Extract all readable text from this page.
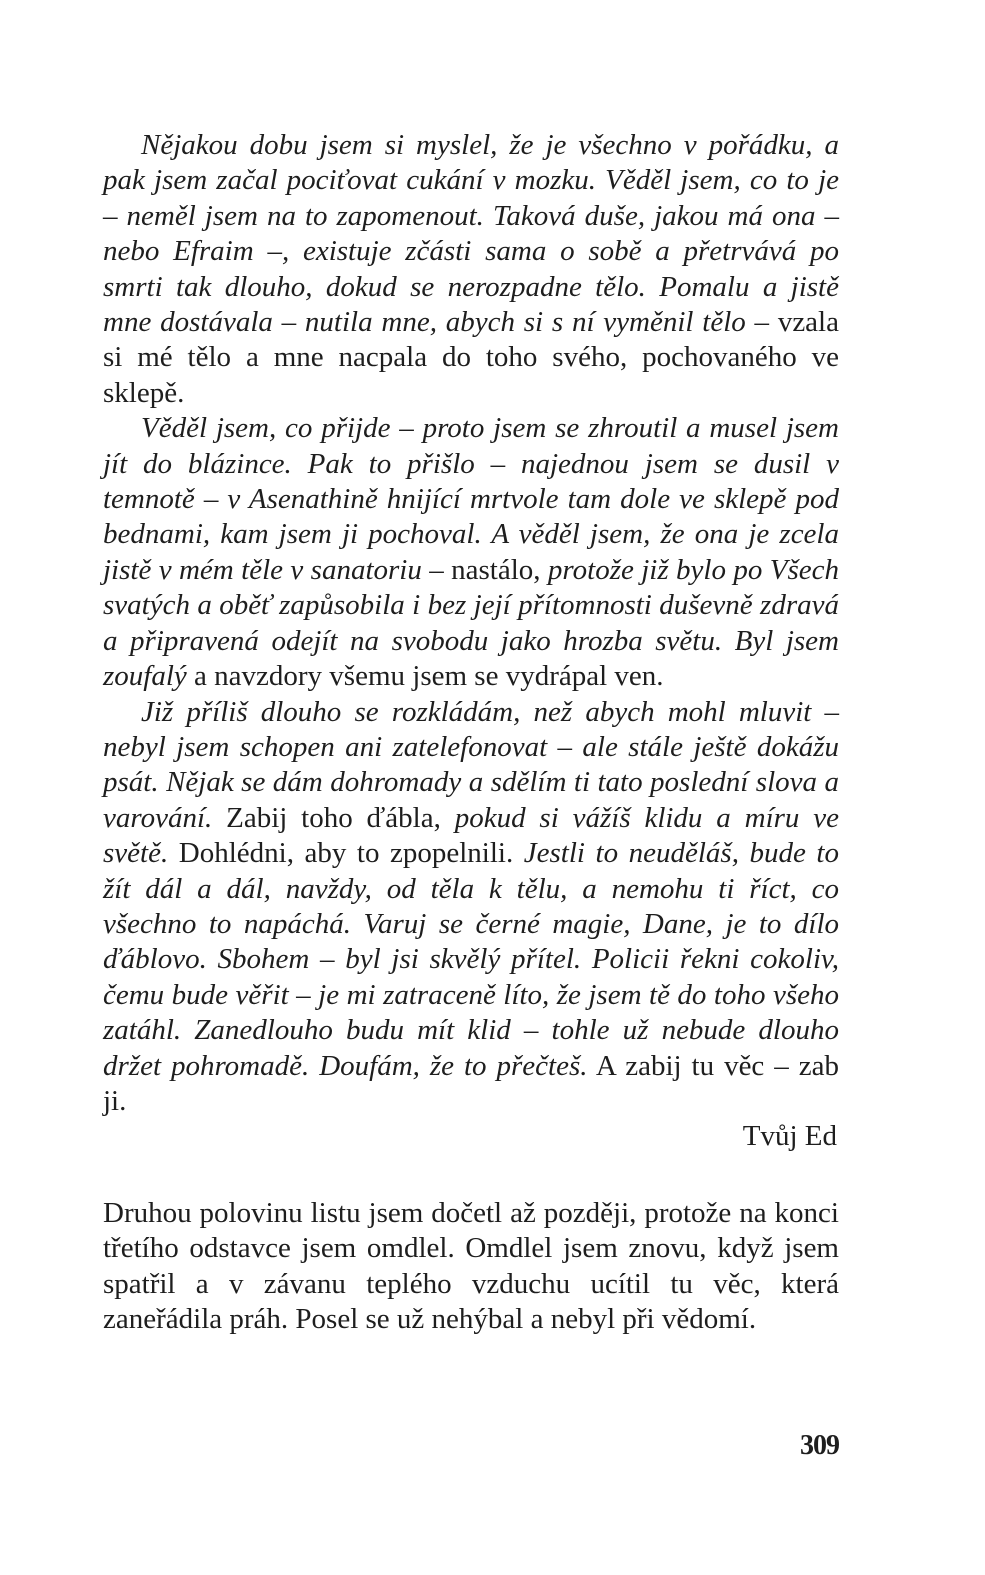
Nějakou dobu jsem si myslel, že je všechno v pořádku, a pak jsem začal pociťovat cukání v mozku. Věděl jsem, co to je – neměl jsem na to zapomenout. Taková duše, jakou má ona – nebo Efraim –, existuje zčásti sama o sobě a přetrvává po smrti tak dlouho, dokud se nerozpadne tělo. Pomalu a jistě mne dostávala – nutila mne, abych si s ní vyměnil tělo – vzala si mé tělo a mne nacpala do toho svého, pochovaného ve sklepě.

Věděl jsem, co přijde – proto jsem se zhroutil a musel jsem jít do blázince. Pak to přišlo – najednou jsem se dusil v temnotě – v Asenathině hnijící mrtvole tam dole ve sklepě pod bednami, kam jsem ji pochoval. A věděl jsem, že ona je zcela jistě v mém těle v sanatoriu – nastálo, protože již bylo po Všech svatých a oběť zapůsobila i bez její přítomnosti duševně zdravá a připravená odejít na svobodu jako hrozba světu. Byl jsem zoufalý a navzdory všemu jsem se vydrápal ven.

Již příliš dlouho se rozkládám, než abych mohl mluvit – nebyl jsem schopen ani zatelefonovat – ale stále ještě dokážu psát. Nějak se dám dohromady a sdělím ti tato poslední slova a varování. Zabij toho ďábla, pokud si vážíš klidu a míru ve světě. Dohlédni, aby to zpopelnili. Jestli to neuděláš, bude to žít dál a dál, navždy, od těla k tělu, a nemohu ti říct, co všechno to napáchá. Varuj se černé magie, Dane, je to dílo ďáblovo. Sbohem – byl jsi skvělý přítel. Policii řekni cokoliv, čemu bude věřit – je mi zatraceně líto, že jsem tě do toho všeho zatáhl. Zanedlouho budu mít klid – tohle už nebude dlouho držet pohromadě. Doufám, že to přečteš. A zabij tu věc – zab ji.

Tvůj Ed

Druhou polovinu listu jsem dočetl až později, protože na konci třetího odstavce jsem omdlel. Omdlel jsem znovu, když jsem spatřil a v závanu teplého vzduchu ucítil tu věc, která zaneřádila práh. Posel se už nehýbal a nebyl při vědomí.

309
